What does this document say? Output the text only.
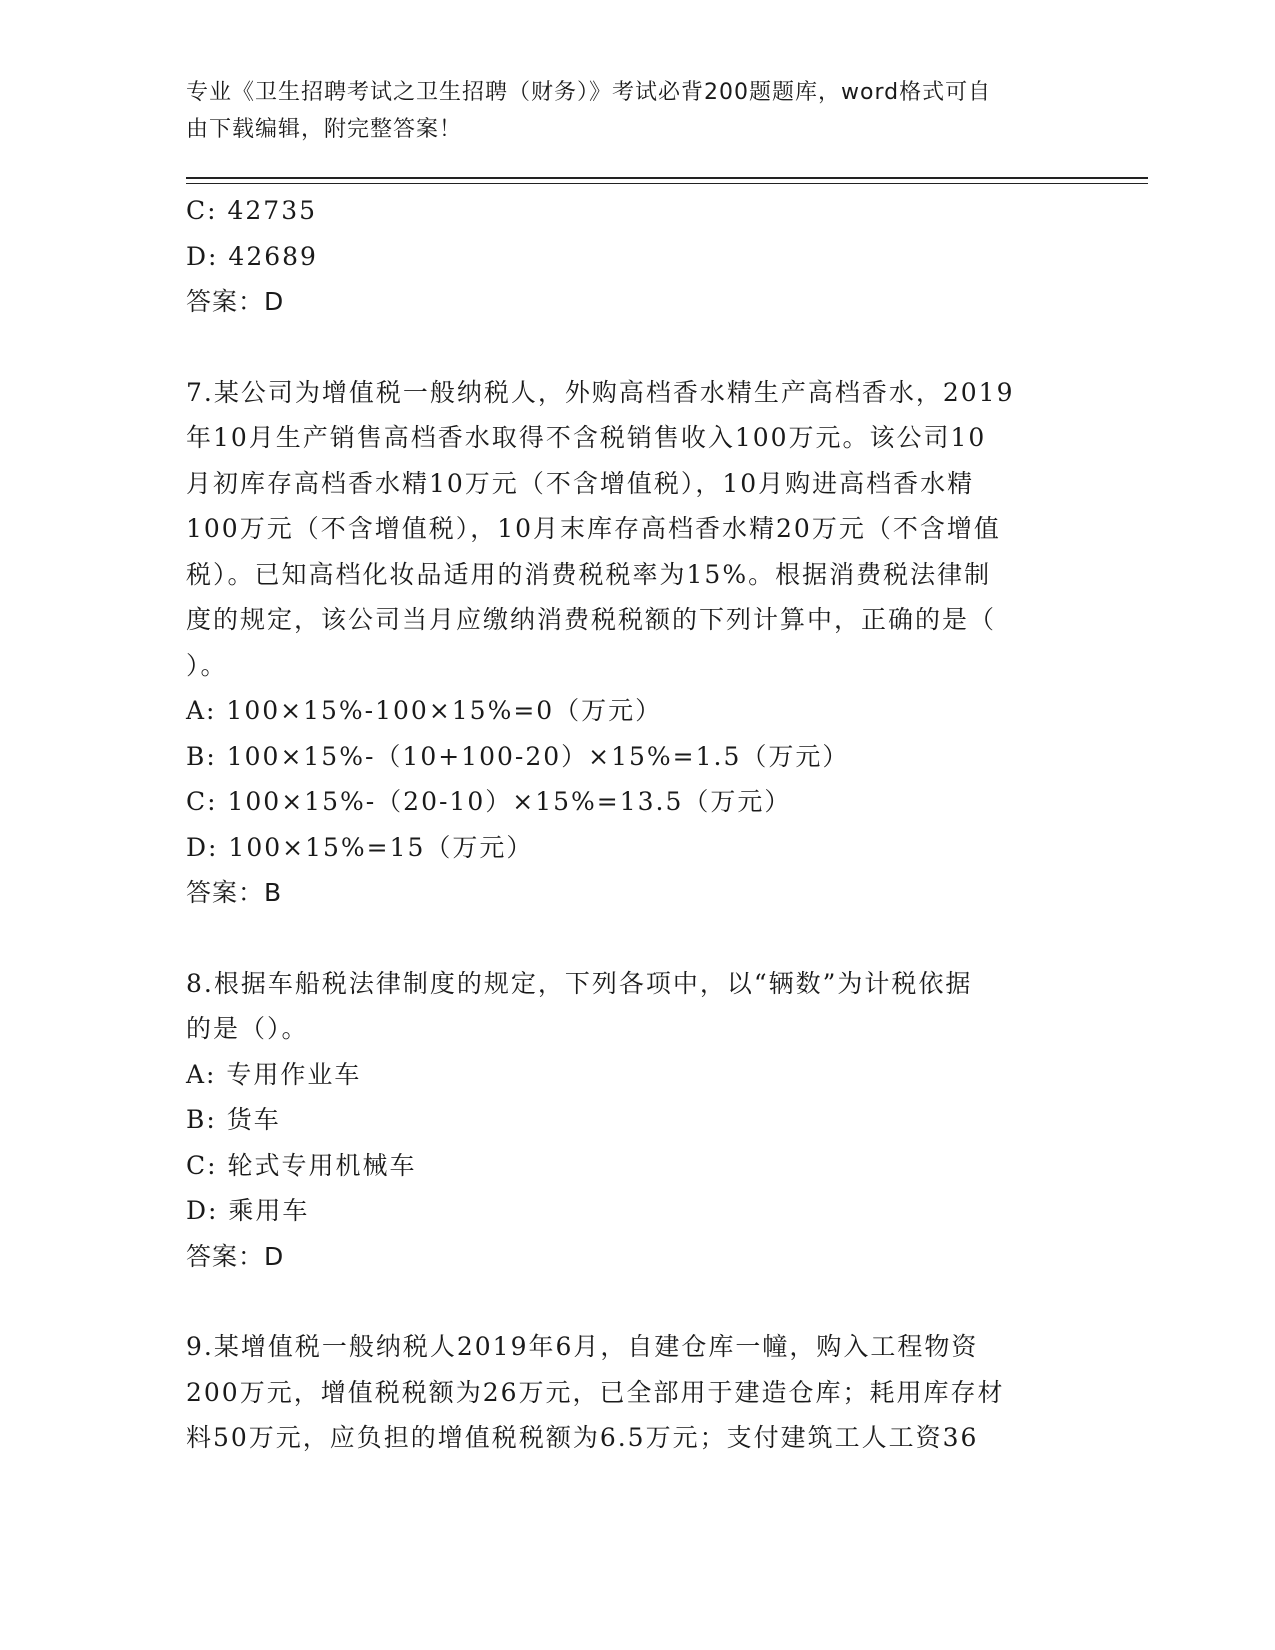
专业《卫生招聘考试之卫生招聘（财务）》考试必背200题题库，word格式可自
由下载编辑，附完整答案！
C: 42735
D: 42689
答案：D
7.某公司为增值税一般纳税人，外购高档香水精生产高档香水，2019
年10月生产销售高档香水取得不含税销售收入100万元。该公司10
月初库存高档香水精10万元（不含增值税），10月购进高档香水精
100万元（不含增值税），10月末库存高档香水精20万元（不含增值
税）。已知高档化妆品适用的消费税税率为15%。根据消费税法律制
度的规定，该公司当月应缴纳消费税税额的下列计算中，正确的是（
）。
A: 100×15%-100×15%=0（万元）
B: 100×15%-（10+100-20）×15%=1.5（万元）
C: 100×15%-（20-10）×15%=13.5（万元）
D: 100×15%=15（万元）
答案：B
8.根据车船税法律制度的规定，下列各项中，以“辆数”为计税依据
的是（）。
A: 专用作业车
B: 货车
C: 轮式专用机械车
D: 乘用车
答案：D
9.某增值税一般纳税人2019年6月，自建仓库一幢，购入工程物资
200万元，增值税税额为26万元，已全部用于建造仓库；耗用库存材
料50万元，应负担的增值税税额为6.5万元；支付建筑工人工资36
